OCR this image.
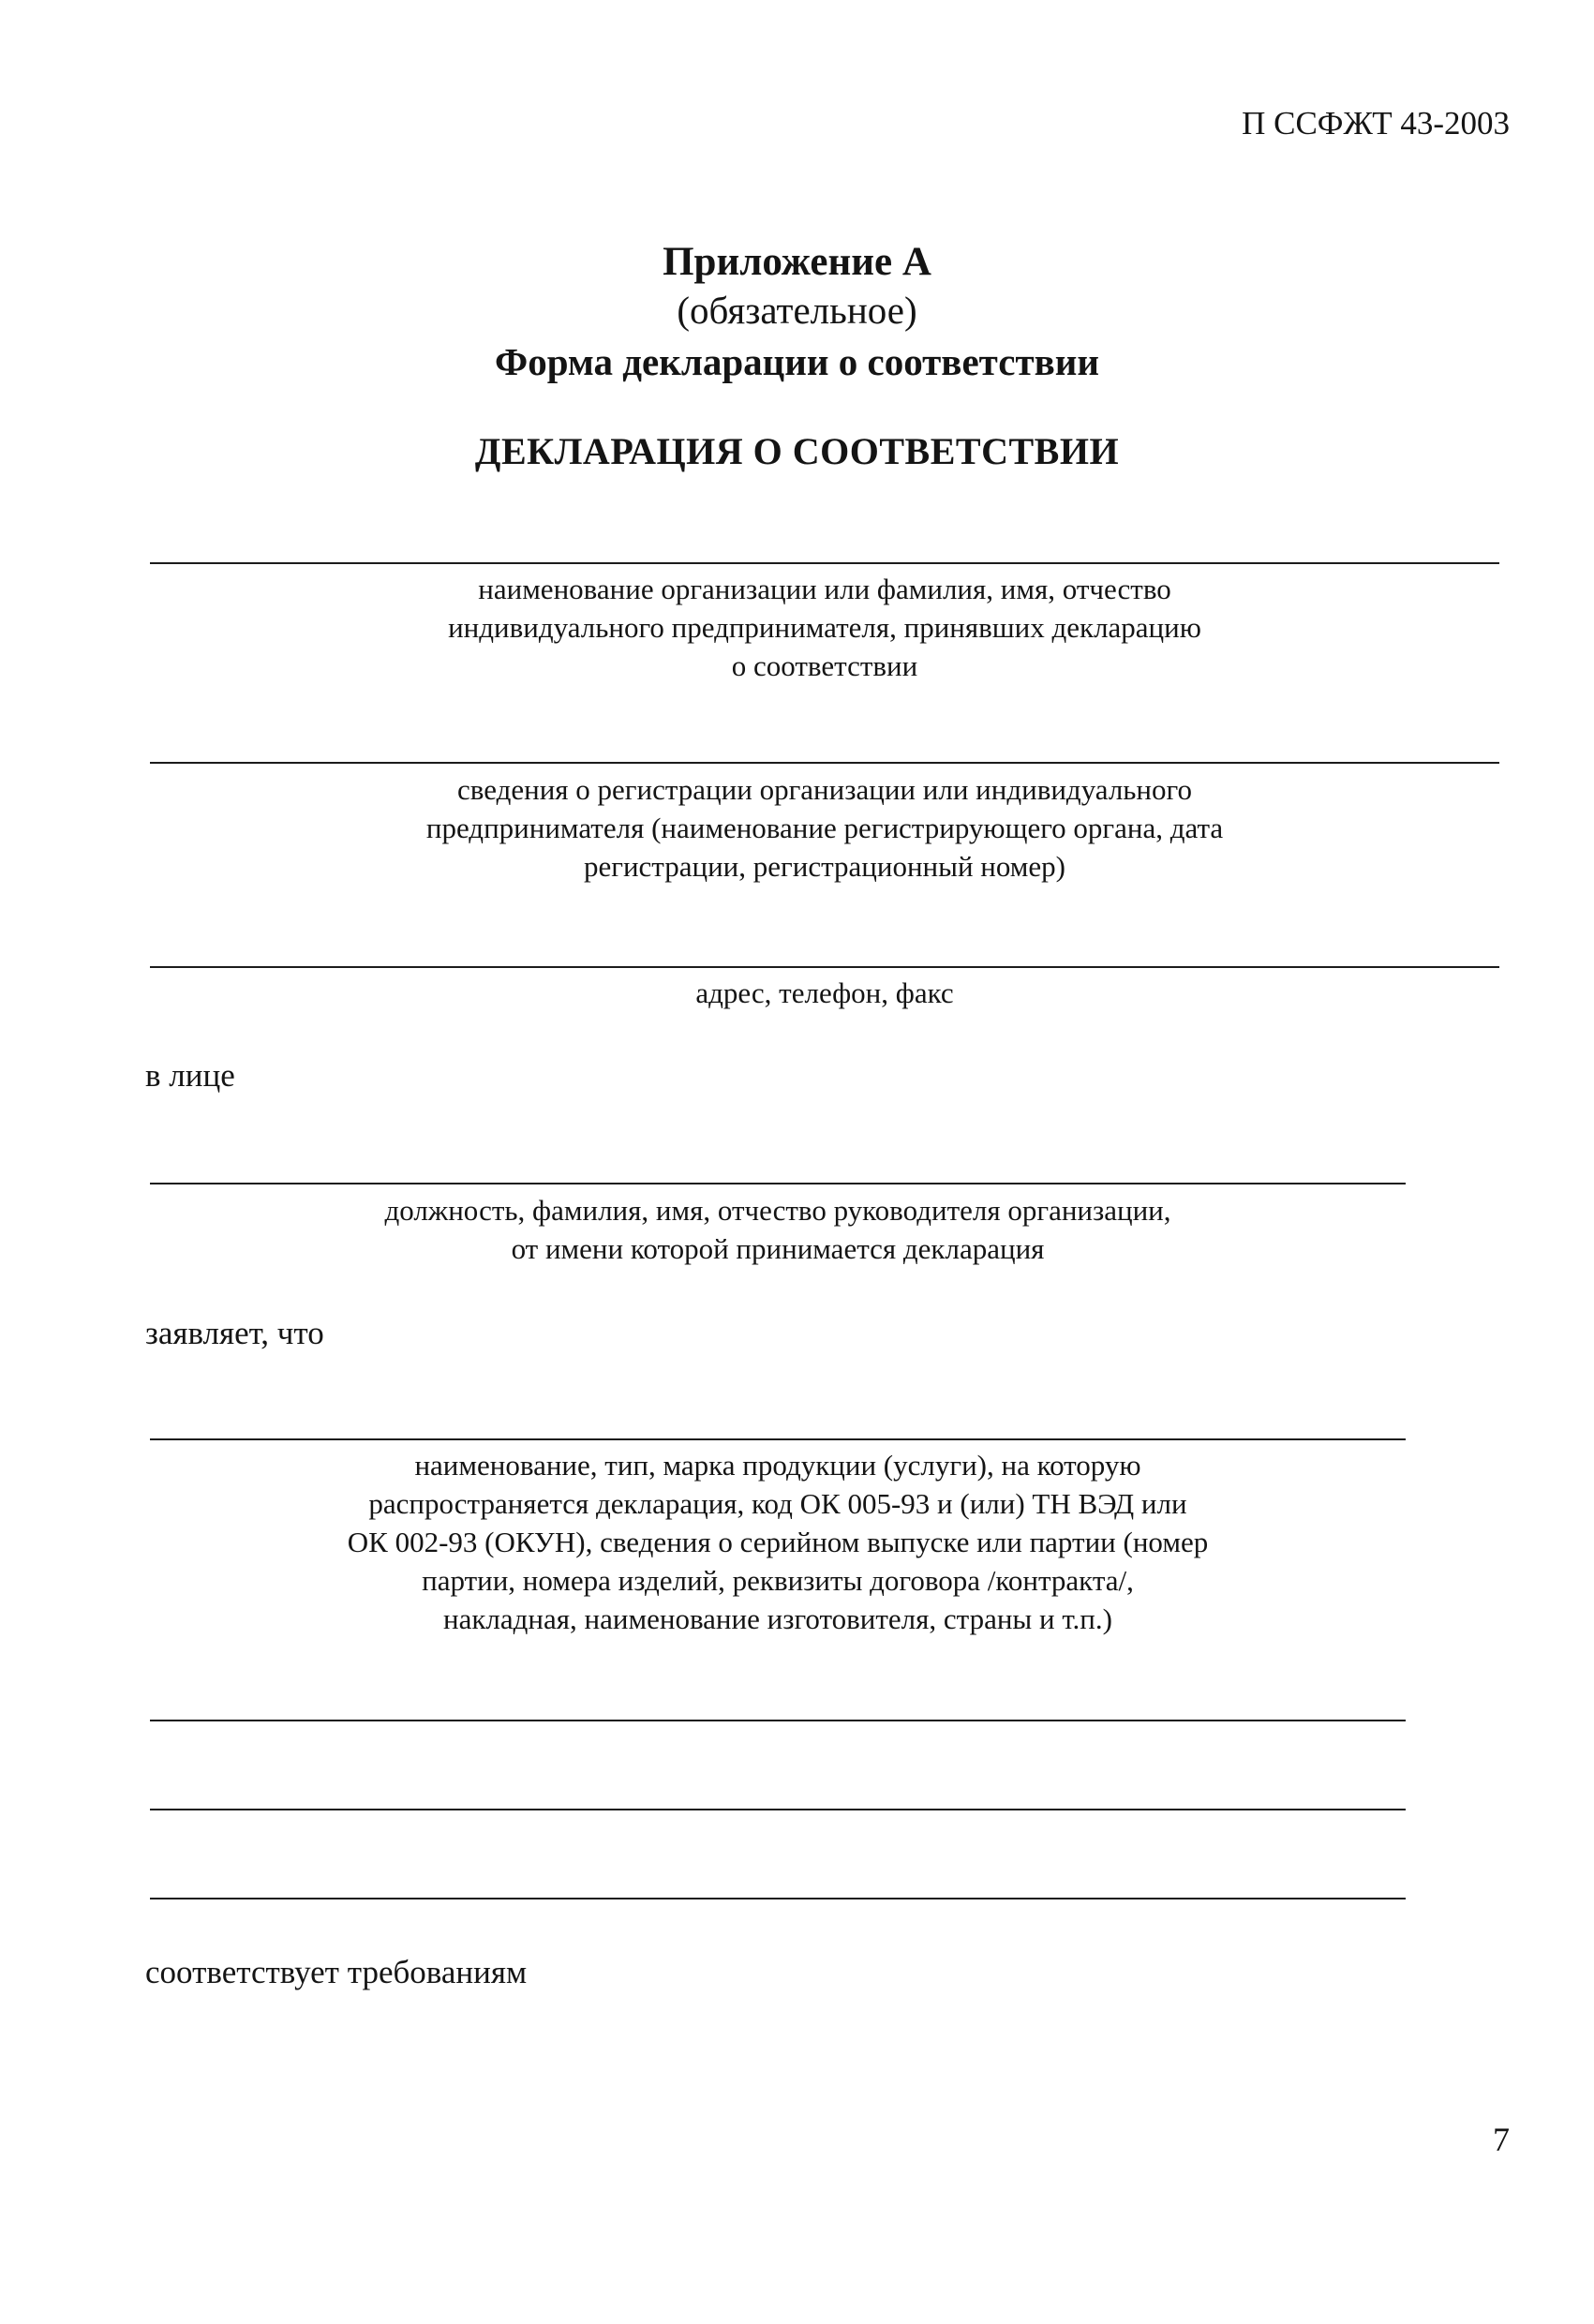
П ССФЖТ 43-2003
Приложение А
(обязательное)
Форма декларации о соответствии
ДЕКЛАРАЦИЯ О СООТВЕТСТВИИ
наименование организации или фамилия, имя, отчество
индивидуального предпринимателя, принявших декларацию
о соответствии
сведения о регистрации организации или индивидуального
предпринимателя (наименование регистрирующего органа, дата
регистрации, регистрационный номер)
адрес, телефон, факс
в лице
должность, фамилия, имя, отчество руководителя организации,
от имени которой принимается декларация
заявляет, что
наименование, тип, марка продукции (услуги), на которую
распространяется декларация, код ОК 005-93 и (или) ТН ВЭД или
ОК 002-93 (ОКУН), сведения о серийном выпуске или партии (номер
партии, номера изделий, реквизиты договора /контракта/,
накладная, наименование изготовителя, страны и т.п.)
соответствует требованиям
7
